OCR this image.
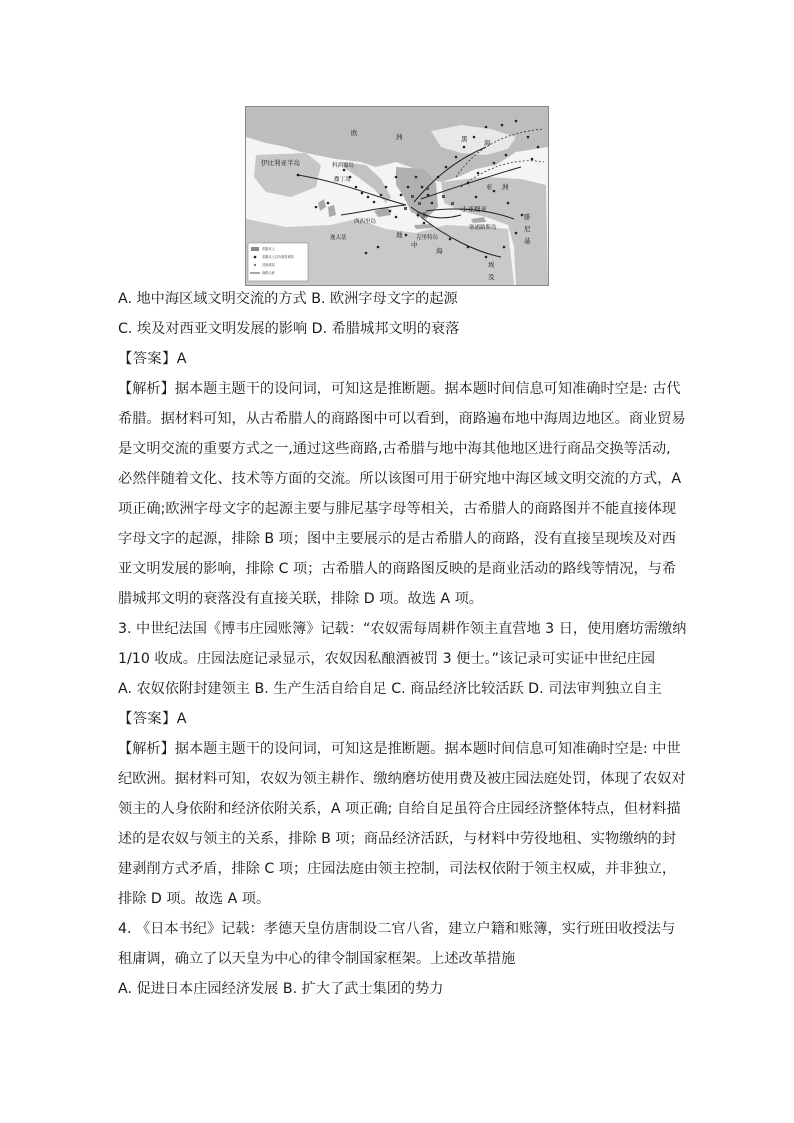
欧	洲
伊比利亚半岛	科西嘉岛
撒丁岛
西西里岛
迦太基
希腊
克里特岛
塞浦路斯岛
小亚细亚
亚 洲
腓
尼
基
埃
及
地
中
海
黑	海
希腊本土
希腊本土以外重要城邦
其他城邦
商路示意
A. 地中海区域文明交流的方式 B. 欧洲字母文字的起源
C. 埃及对西亚文明发展的影响 D. 希腊城邦文明的衰落
【答案】A
【解析】据本题主题干的设问词，可知这是推断题。据本题时间信息可知准确时空是: 古代
希腊。据材料可知，从古希腊人的商路图中可以看到，商路遍布地中海周边地区。商业贸易
是文明交流的重要方式之一,通过这些商路,古希腊与地中海其他地区进行商品交换等活动,
必然伴随着文化、技术等方面的交流。所以该图可用于研究地中海区域文明交流的方式，A
项正确;欧洲字母文字的起源主要与腓尼基字母等相关，古希腊人的商路图并不能直接体现
字母文字的起源，排除 B 项；图中主要展示的是古希腊人的商路，没有直接呈现埃及对西
亚文明发展的影响，排除 C 项；古希腊人的商路图反映的是商业活动的路线等情况，与希
腊城邦文明的衰落没有直接关联，排除 D 项。故选 A 项。
3. 中世纪法国《博韦庄园账簿》记载：“农奴需每周耕作领主直营地 3 日，使用磨坊需缴纳
1/10 收成。庄园法庭记录显示，农奴因私酿酒被罚 3 便士。”该记录可实证中世纪庄园
A. 农奴依附封建领主 B. 生产生活自给自足 C. 商品经济比较活跃 D. 司法审判独立自主
【答案】A
【解析】据本题主题干的设问词，可知这是推断题。据本题时间信息可知准确时空是: 中世
纪欧洲。据材料可知，农奴为领主耕作、缴纳磨坊使用费及被庄园法庭处罚，体现了农奴对
领主的人身依附和经济依附关系，A 项正确; 自给自足虽符合庄园经济整体特点，但材料描
述的是农奴与领主的关系，排除 B 项；商品经济活跃，与材料中劳役地租、实物缴纳的封
建剥削方式矛盾，排除 C 项；庄园法庭由领主控制，司法权依附于领主权威，并非独立，
排除 D 项。故选 A 项。
4. 《日本书纪》记载：孝德天皇仿唐制设二官八省，建立户籍和账簿，实行班田收授法与
租庸调，确立了以天皇为中心的律令制国家框架。上述改革措施
A. 促进日本庄园经济发展 B. 扩大了武士集团的势力
